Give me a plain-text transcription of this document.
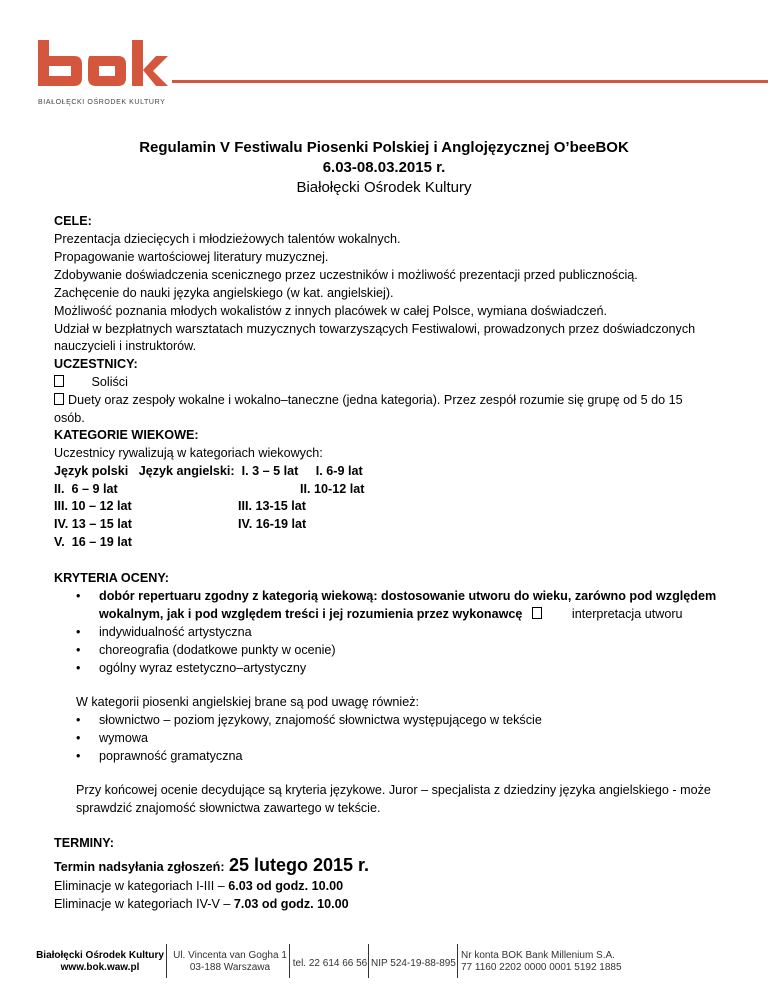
BIAŁOŁĘCKI OŚRODEK KULTURY
Regulamin V Festiwalu Piosenki Polskiej i Anglojęzycznej O’beeBOK
6.03-08.03.2015 r.
Białołęcki Ośrodek Kultury
CELE:
Prezentacja dziecięcych i młodzieżowych talentów wokalnych.
Propagowanie wartościowej literatury muzycznej.
Zdobywanie doświadczenia scenicznego przez uczestników i możliwość prezentacji przed publicznością.
Zachęcenie do nauki języka angielskiego (w kat. angielskiej).
Możliwość poznania młodych wokalistów z innych placówek w całej Polsce, wymiana doświadczeń.
Udział w bezpłatnych warsztatach muzycznych towarzyszących Festiwalowi, prowadzonych przez doświadczonych
nauczycieli i instruktorów.
UCZESTNICY:
Soliści
Duety oraz zespoły wokalne i wokalno–taneczne (jedna kategoria). Przez zespół rozumie się grupę od 5 do 15
osób.
KATEGORIE WIEKOWE:
Uczestnicy rywalizują w kategoriach wiekowych:
Język polski   Język angielski:  I. 3 – 5 lat     I. 6-9 lat
II.  6 – 9 lat
III. 10 – 12 lat
IV. 13 – 15 lat
V.  16 – 19 lat
II. 10-12 lat
III. 13-15 lat
IV. 16-19 lat
KRYTERIA OCENY:
• dobór repertuaru zgodny z kategorią wiekową: dostosowanie utworu do wieku, zarówno pod względem
wokalnym, jak i pod względem treści i jej rozumienia przez wykonawcę	interpretacja utworu
• indywidualność artystyczna
• choreografia (dodatkowe punkty w ocenie)
• ogólny wyraz estetyczno–artystyczny
W kategorii piosenki angielskiej brane są pod uwagę również:
• słownictwo – poziom językowy, znajomość słownictwa występującego w tekście
• wymowa
• poprawność gramatyczna
Przy końcowej ocenie decydujące są kryteria językowe. Juror – specjalista z dziedziny języka angielskiego - może
sprawdzić znajomość słownictwa zawartego w tekście.
TERMINY:
Termin nadsyłania zgłoszeń: 25 lutego 2015 r.
Eliminacje w kategoriach I-III – 6.03 od godz. 10.00
Eliminacje w kategoriach IV-V – 7.03 od godz. 10.00
Białołęcki Ośrodek Kultury
www.bok.waw.pl
Ul. Vincenta van Gogha 1
03-188 Warszawa	tel. 22 614 66 56 NIP 524-19-88-895
Nr konta BOK Bank Millenium S.A.
77 1160 2202 0000 0001 5192 1885
